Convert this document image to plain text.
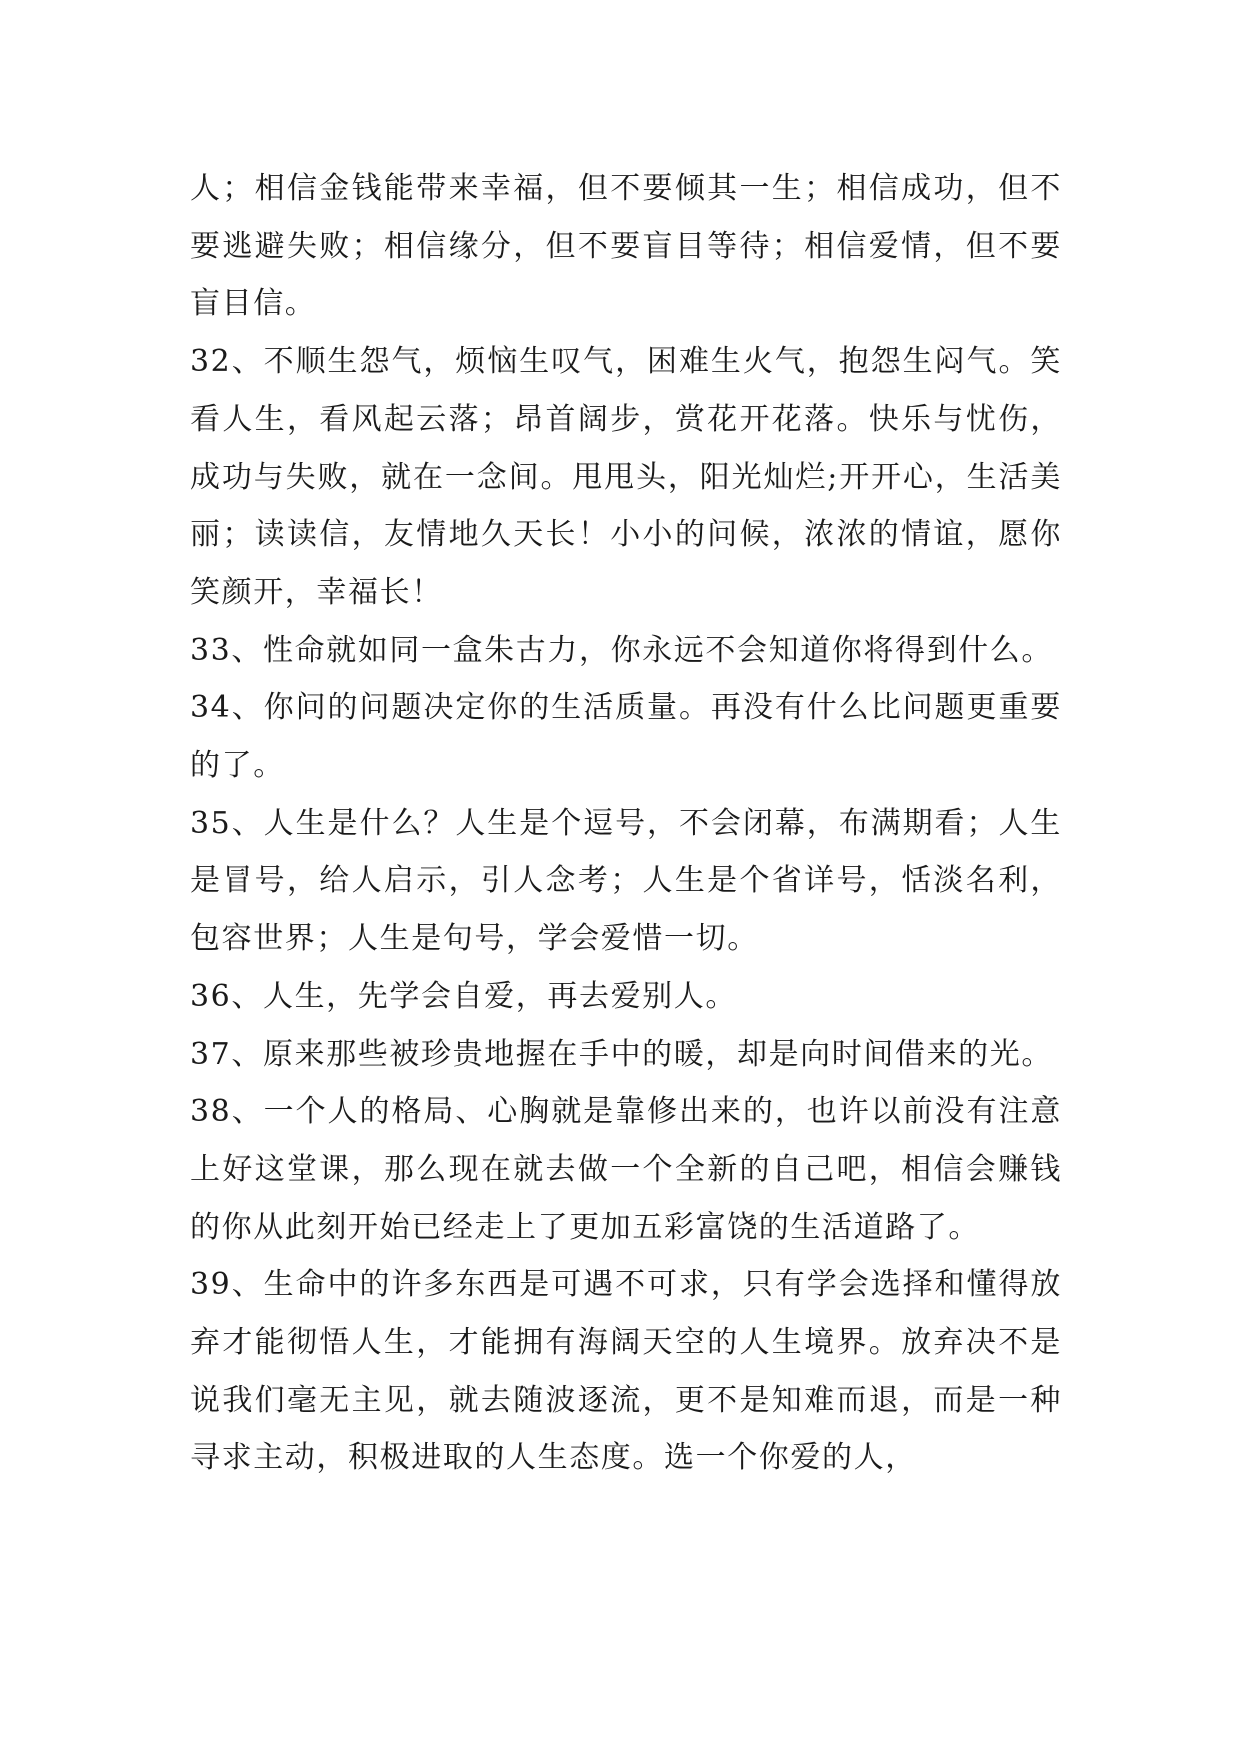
人；相信金钱能带来幸福，但不要倾其一生；相信成功，但不要逃避失败；相信缘分，但不要盲目等待；相信爱情，但不要盲目信。

32、不顺生怨气，烦恼生叹气，困难生火气，抱怨生闷气。笑看人生，看风起云落；昂首阔步，赏花开花落。快乐与忧伤，成功与失败，就在一念间。甩甩头，阳光灿烂;开开心，生活美丽；读读信，友情地久天长！小小的问候，浓浓的情谊，愿你笑颜开，幸福长！

33、性命就如同一盒朱古力，你永远不会知道你将得到什么。

34、你问的问题决定你的生活质量。再没有什么比问题更重要的了。

35、人生是什么？人生是个逗号，不会闭幕，布满期看；人生是冒号，给人启示，引人念考；人生是个省详号，恬淡名利，包容世界；人生是句号，学会爱惜一切。

36、人生，先学会自爱，再去爱别人。

37、原来那些被珍贵地握在手中的暖，却是向时间借来的光。

38、一个人的格局、心胸就是靠修出来的，也许以前没有注意上好这堂课，那么现在就去做一个全新的自己吧，相信会赚钱的你从此刻开始已经走上了更加五彩富饶的生活道路了。

39、生命中的许多东西是可遇不可求，只有学会选择和懂得放弃才能彻悟人生，才能拥有海阔天空的人生境界。放弃决不是说我们毫无主见，就去随波逐流，更不是知难而退，而是一种寻求主动，积极进取的人生态度。选一个你爱的人，
